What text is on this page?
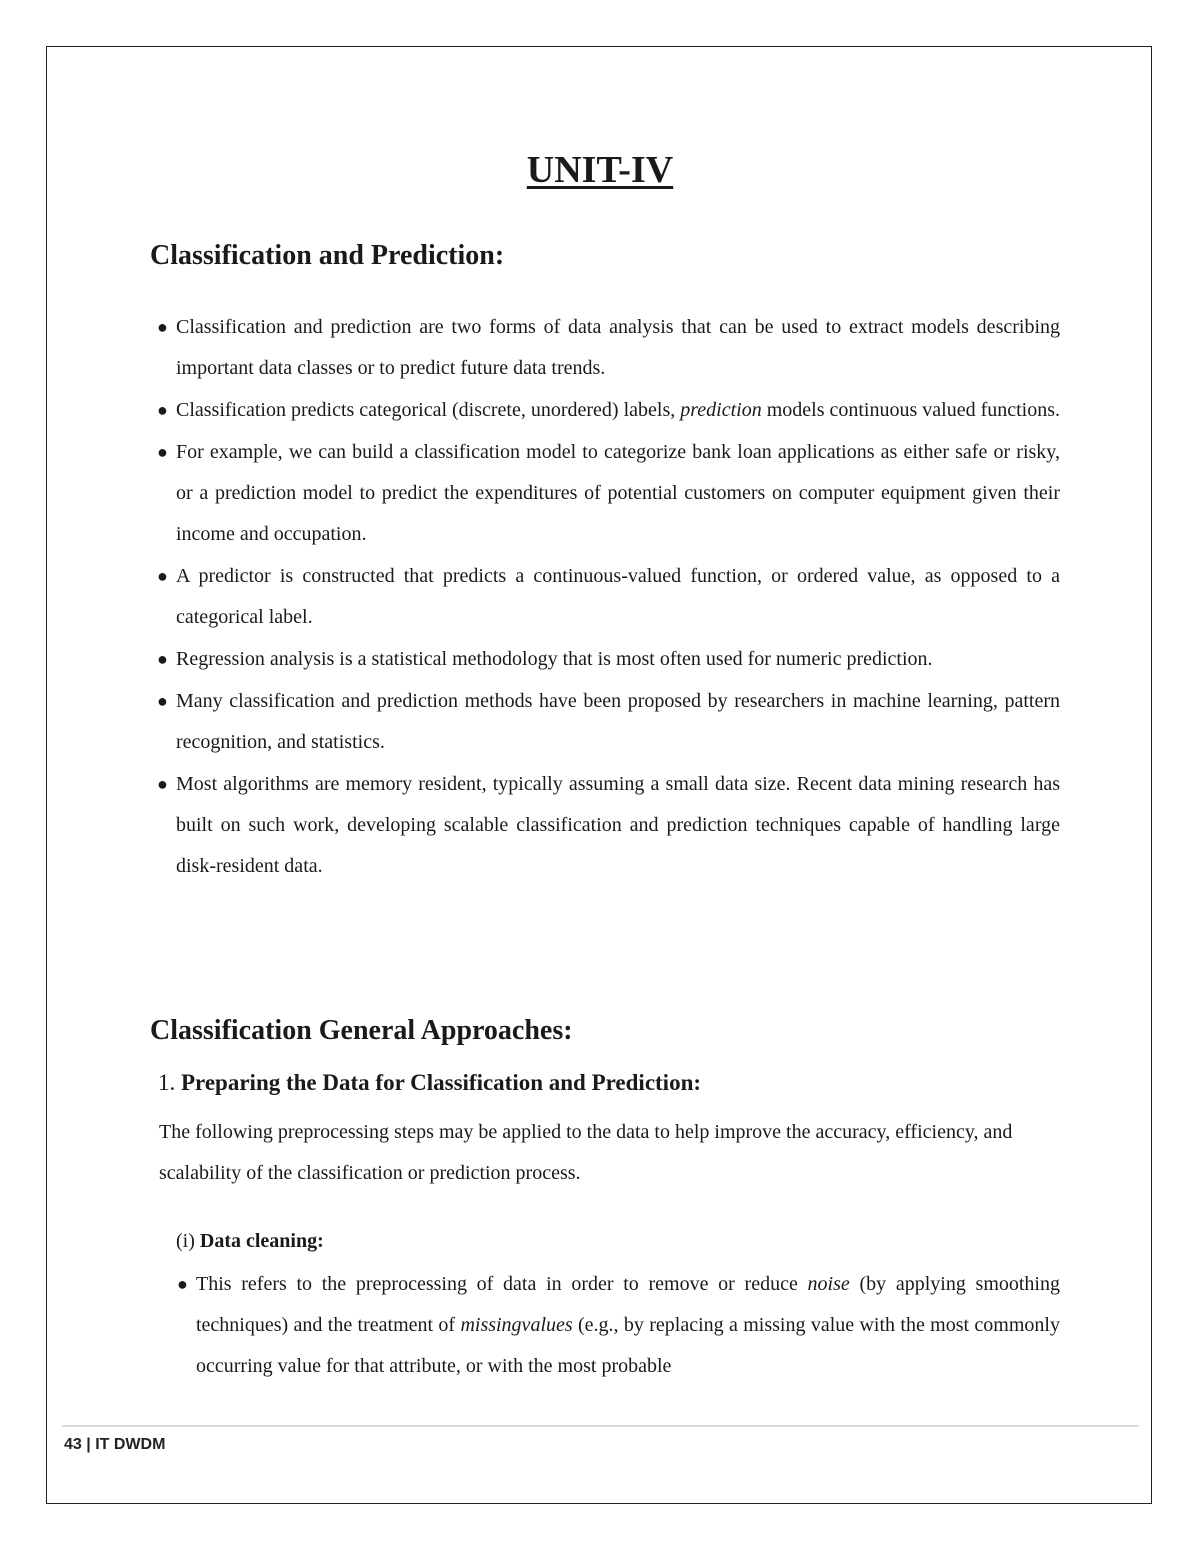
UNIT-IV
Classification and Prediction:
● Classification and prediction are two forms of data analysis that can be used to extract models describing important data classes or to predict future data trends.
● Classification predicts categorical (discrete, unordered) labels, prediction models continuous valued functions.
● For example, we can build a classification model to categorize bank loan applications as either safe or risky, or a prediction model to predict the expenditures of potential customers on computer equipment given their income and occupation.
● A predictor is constructed that predicts a continuous-valued function, or ordered value, as opposed to a categorical label.
● Regression analysis is a statistical methodology that is most often used for numeric prediction.
● Many classification and prediction methods have been proposed by researchers in machine learning, pattern recognition, and statistics.
● Most algorithms are memory resident, typically assuming a small data size. Recent data mining research has built on such work, developing scalable classification and prediction techniques capable of handling large disk-resident data.
Classification General Approaches:
1. Preparing the Data for Classification and Prediction:

The following preprocessing steps may be applied to the data to help improve the accuracy, efficiency, and scalability of the classification or prediction process.

(i) Data cleaning:

● This refers to the preprocessing of data in order to remove or reduce noise (by applying smoothing techniques) and the treatment of missingvalues (e.g., by replacing a missing value with the most commonly occurring value for that attribute, or with the most probable
43 | IT DWDM
